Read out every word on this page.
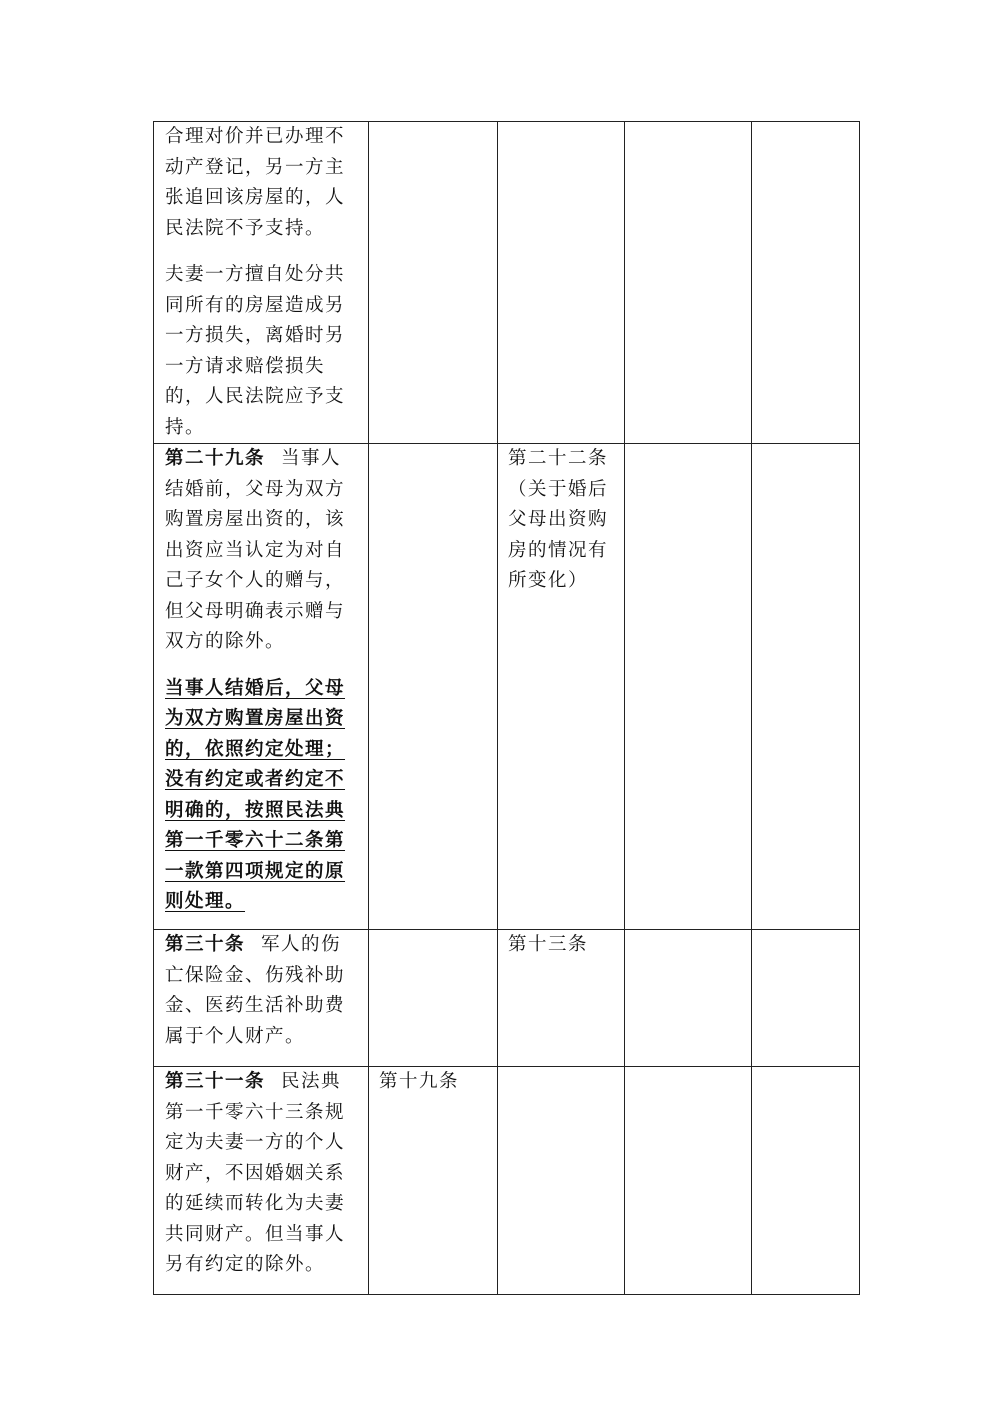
合理对价并已办理不动产登记，另一方主张追回该房屋的，人民法院不予支持。
夫妻一方擅自处分共同所有的房屋造成另一方损失，离婚时另一方请求赔偿损失的，人民法院应予支持。				

第二十九条 当事人结婚前，父母为双方购置房屋出资的，该出资应当认定为对自己子女个人的赠与，但父母明确表示赠与双方的除外。
当事人结婚后，父母为双方购置房屋出资的，依照约定处理；没有约定或者约定不明确的，按照民法典第一千零六十二条第一款第四项规定的原则处理。		第二十二条（关于婚后父母出资购房的情况有所变化）		

第三十条 军人的伤亡保险金、伤残补助金、医药生活补助费属于个人财产。		第十三条		

第三十一条 民法典第一千零六十三条规定为夫妻一方的个人财产，不因婚姻关系的延续而转化为夫妻共同财产。但当事人另有约定的除外。	第十九条			
